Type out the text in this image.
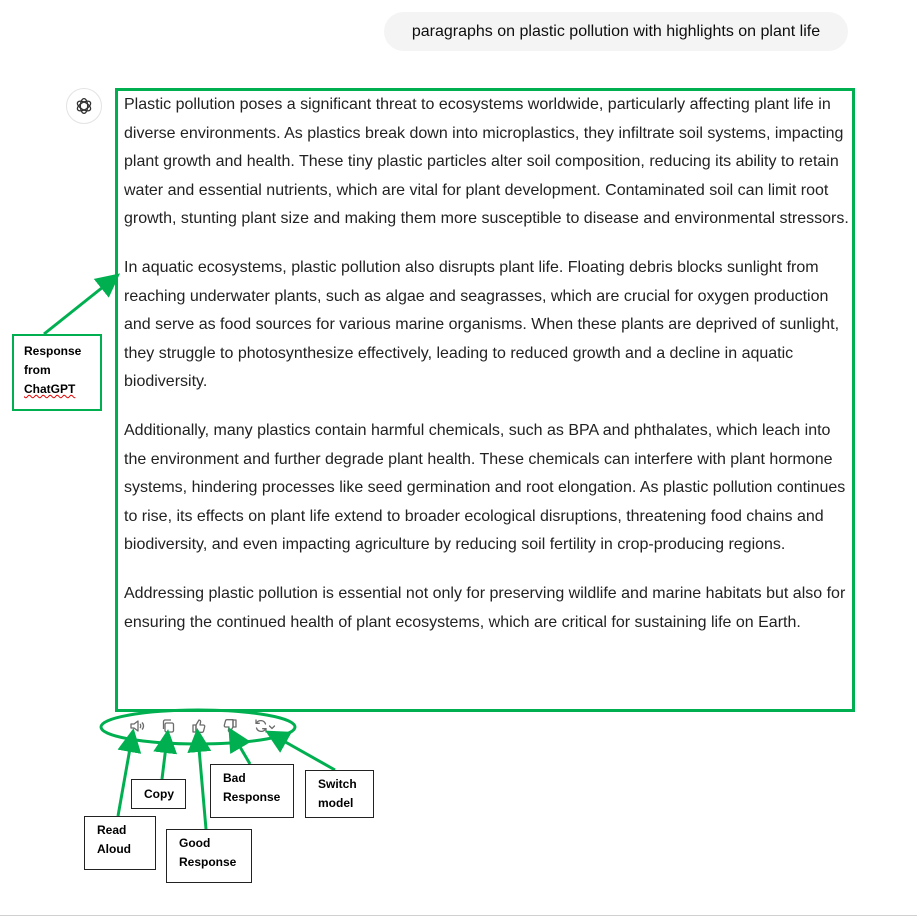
paragraphs on plastic pollution with highlights on plant life

Plastic pollution poses a significant threat to ecosystems worldwide, particularly affecting plant life in diverse environments. As plastics break down into microplastics, they infiltrate soil systems, impacting plant growth and health. These tiny plastic particles alter soil composition, reducing its ability to retain water and essential nutrients, which are vital for plant development. Contaminated soil can limit root growth, stunting plant size and making them more susceptible to disease and environmental stressors.

In aquatic ecosystems, plastic pollution also disrupts plant life. Floating debris blocks sunlight from reaching underwater plants, such as algae and seagrasses, which are crucial for oxygen production and serve as food sources for various marine organisms. When these plants are deprived of sunlight, they struggle to photosynthesize effectively, leading to reduced growth and a decline in aquatic biodiversity.

Additionally, many plastics contain harmful chemicals, such as BPA and phthalates, which leach into the environment and further degrade plant health. These chemicals can interfere with plant hormone systems, hindering processes like seed germination and root elongation. As plastic pollution continues to rise, its effects on plant life extend to broader ecological disruptions, threatening food chains and biodiversity, and even impacting agriculture by reducing soil fertility in crop-producing regions.

Addressing plastic pollution is essential not only for preserving wildlife and marine habitats but also for ensuring the continued health of plant ecosystems, which are critical for sustaining life on Earth.

Response
from
ChatGPT
Copy
Read
Aloud	Good
Response
Bad
Response
Switch
model
